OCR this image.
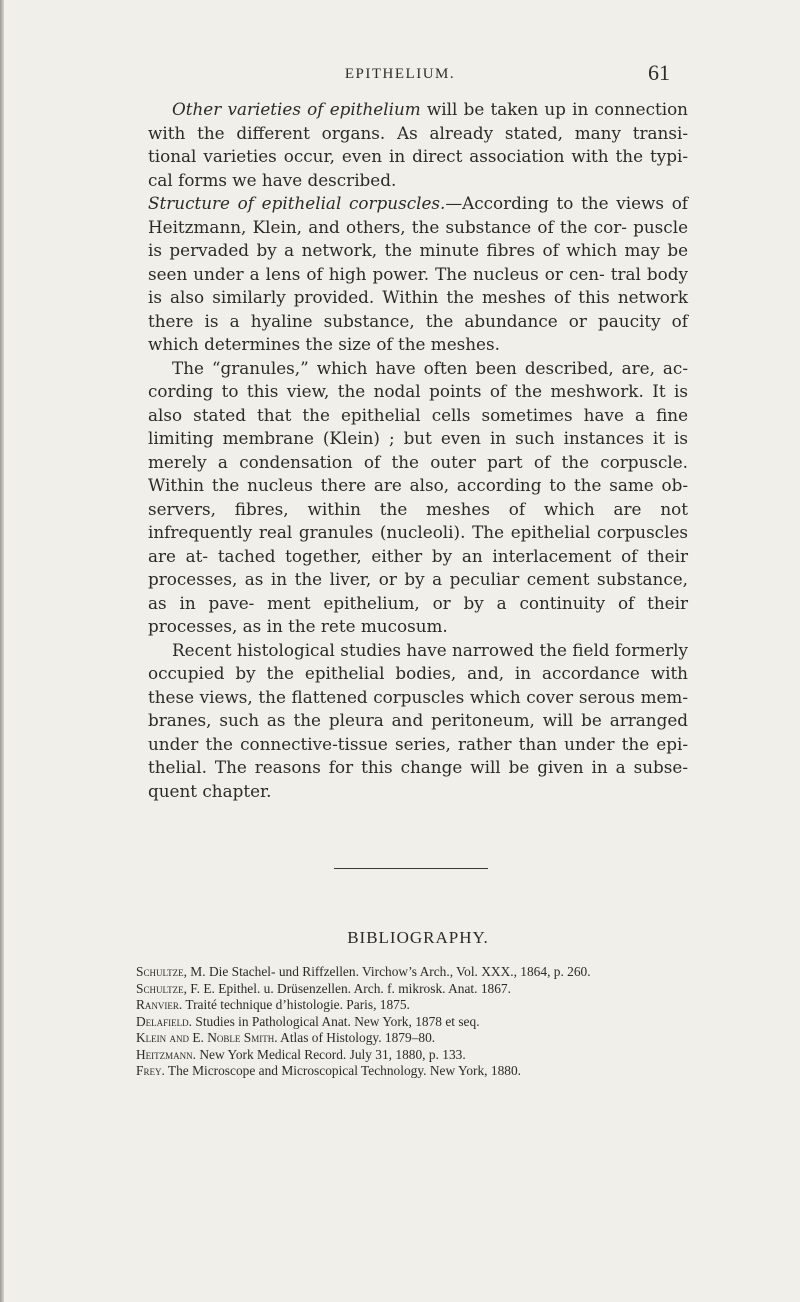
EPITHELIUM.	61

Other varieties of epithelium will be taken up in connection with the different organs. As already stated, many transi- tional varieties occur, even in direct association with the typi- cal forms we have described.

Structure of epithelial corpuscles.—According to the views of Heitzmann, Klein, and others, the substance of the cor- puscle is pervaded by a network, the minute fibres of which may be seen under a lens of high power. The nucleus or cen- tral body is also similarly provided. Within the meshes of this network there is a hyaline substance, the abundance or paucity of which determines the size of the meshes.

The “granules,” which have often been described, are, ac- cording to this view, the nodal points of the meshwork. It is also stated that the epithelial cells sometimes have a fine limiting membrane (Klein) ; but even in such instances it is merely a condensation of the outer part of the corpuscle. Within the nucleus there are also, according to the same ob- servers, fibres, within the meshes of which are not infrequently real granules (nucleoli). The epithelial corpuscles are at- tached together, either by an interlacement of their processes, as in the liver, or by a peculiar cement substance, as in pave- ment epithelium, or by a continuity of their processes, as in the rete mucosum.

Recent histological studies have narrowed the field formerly occupied by the epithelial bodies, and, in accordance with these views, the flattened corpuscles which cover serous mem- branes, such as the pleura and peritoneum, will be arranged under the connective-tissue series, rather than under the epi- thelial. The reasons for this change will be given in a subse- quent chapter.

BIBLIOGRAPHY.
Schultze, M. Die Stachel- und Riffzellen. Virchow’s Arch., Vol. XXX., 1864, p. 260.
Schultze, F. E. Epithel. u. Drüsenzellen. Arch. f. mikrosk. Anat. 1867.
Ranvier. Traité technique d’histologie. Paris, 1875.
Delafield. Studies in Pathological Anat. New York, 1878 et seq.
Klein and E. Noble Smith. Atlas of Histology. 1879–80.
Heitzmann. New York Medical Record. July 31, 1880, p. 133.
Frey. The Microscope and Microscopical Technology. New York, 1880.
